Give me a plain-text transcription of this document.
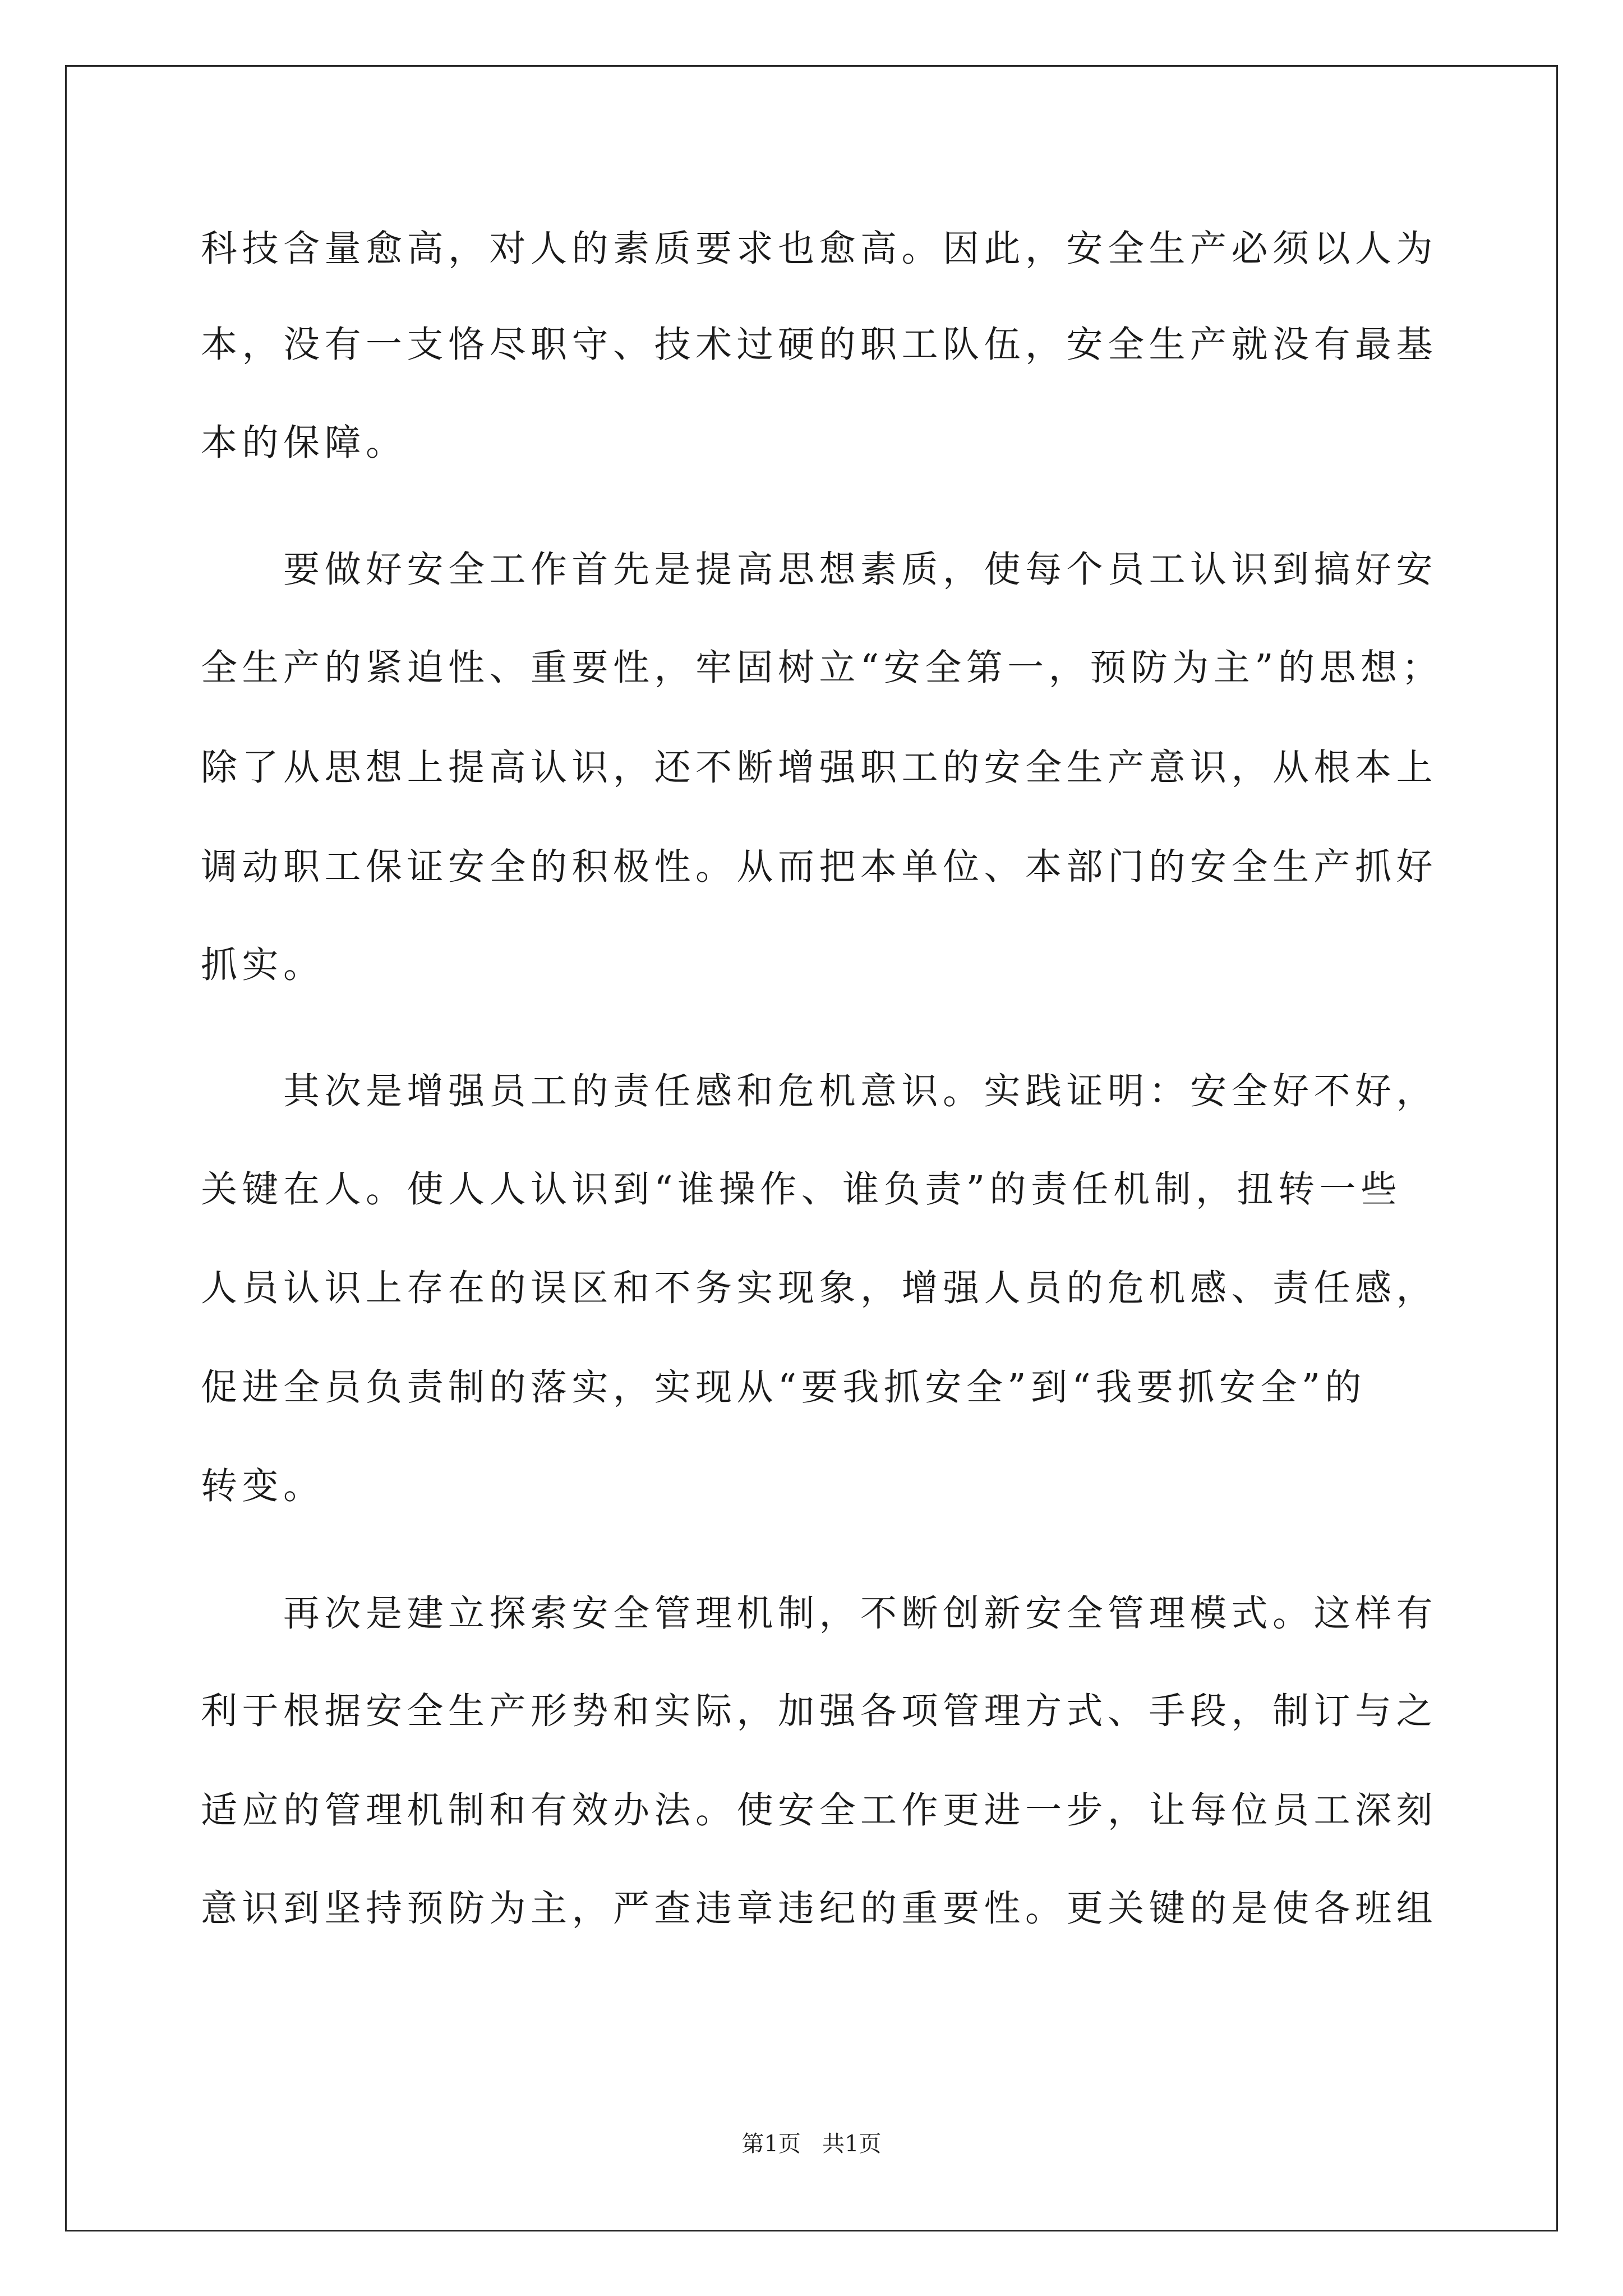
科技含量愈高，对人的素质要求也愈高。因此，安全生产必须以人为
本，没有一支恪尽职守、技术过硬的职工队伍，安全生产就没有最基
本的保障。
　　要做好安全工作首先是提高思想素质，使每个员工认识到搞好安
全生产的紧迫性、重要性，牢固树立“安全第一，预防为主”的思想；
除了从思想上提高认识，还不断增强职工的安全生产意识，从根本上
调动职工保证安全的积极性。从而把本单位、本部门的安全生产抓好
抓实。
　　其次是增强员工的责任感和危机意识。实践证明：安全好不好，
关键在人。使人人认识到“谁操作、谁负责”的责任机制，扭转一些
人员认识上存在的误区和不务实现象，增强人员的危机感、责任感，
促进全员负责制的落实，实现从“要我抓安全”到“我要抓安全”的
转变。
　　再次是建立探索安全管理机制，不断创新安全管理模式。这样有
利于根据安全生产形势和实际，加强各项管理方式、手段，制订与之
适应的管理机制和有效办法。使安全工作更进一步，让每位员工深刻
意识到坚持预防为主，严查违章违纪的重要性。更关键的是使各班组
第1页   共1页
